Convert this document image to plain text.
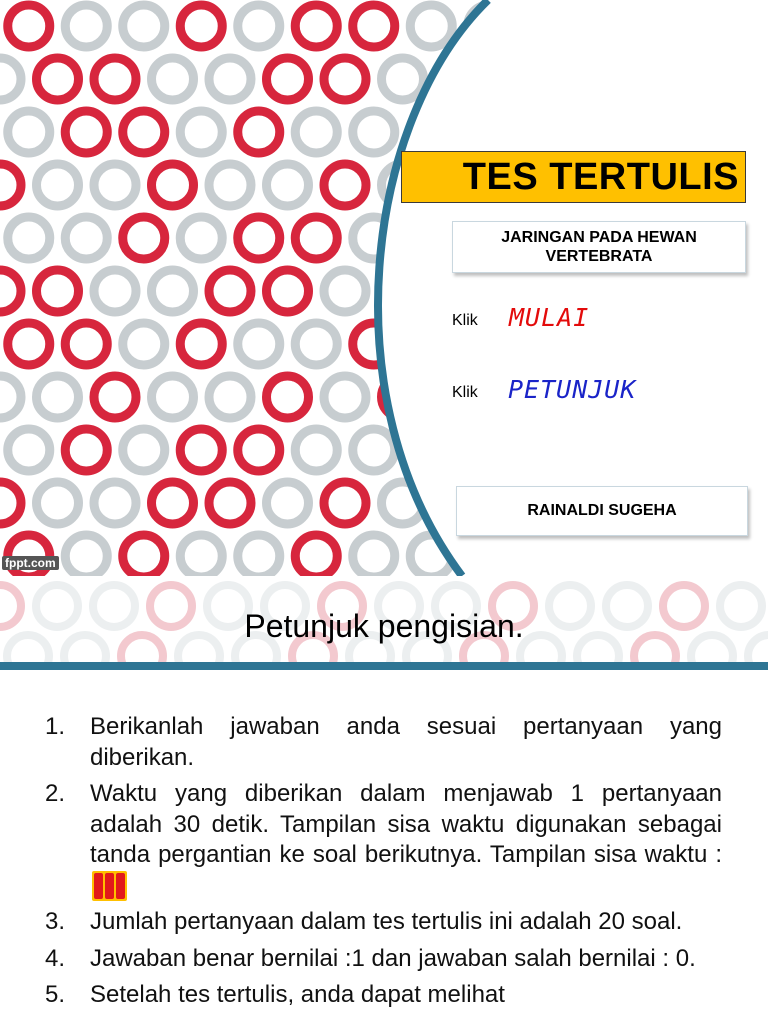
TES TERTULIS
JARINGAN PADA HEWAN VERTEBRATA
Klik MULAI
Klik PETUNJUK
RAINALDI SUGEHA
fppt.com
Petunjuk pengisian.
1. Berikanlah jawaban anda sesuai pertanyaan yang diberikan.
2. Waktu yang diberikan dalam menjawab 1 pertanyaan adalah 30 detik. Tampilan sisa waktu digunakan sebagai tanda pergantian ke soal berikutnya. Tampilan sisa waktu :
3. Jumlah pertanyaan dalam tes tertulis ini adalah 20 soal.
4. Jawaban benar bernilai :1 dan jawaban salah bernilai : 0.
5. Setelah tes tertulis, anda dapat melihat
